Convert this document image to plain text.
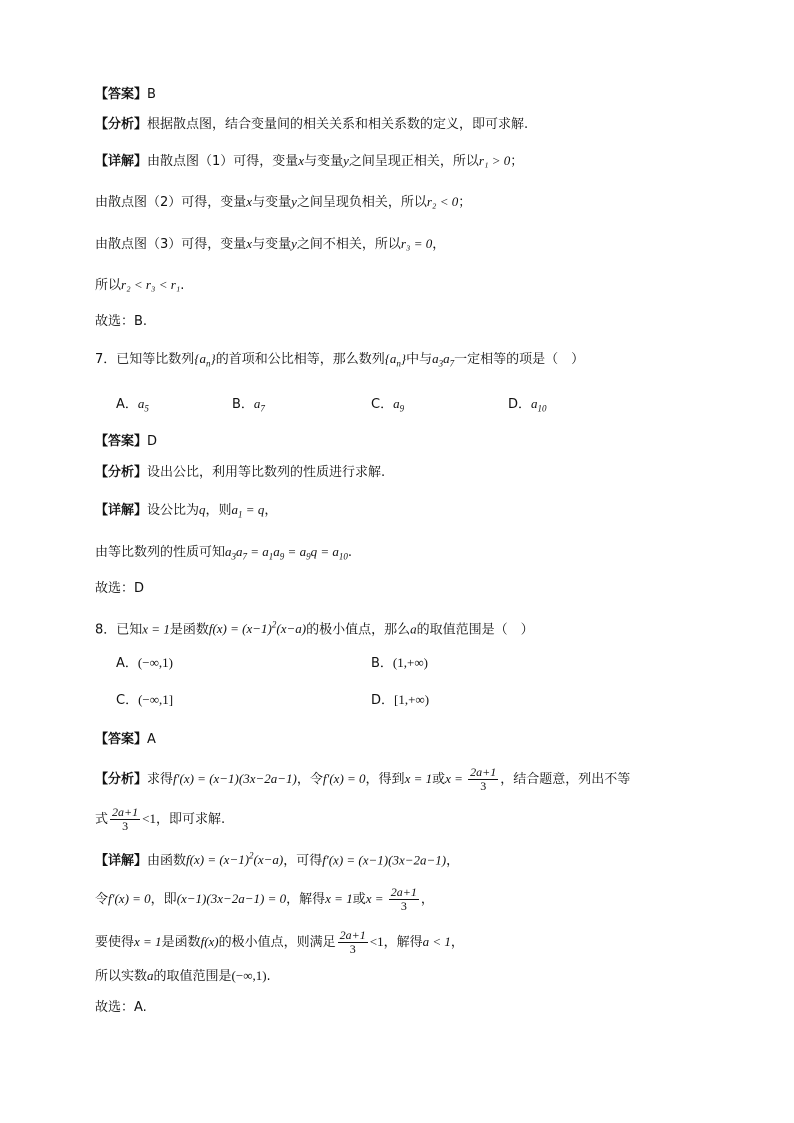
【答案】B
【分析】根据散点图，结合变量间的相关关系和相关系数的定义，即可求解.
【详解】由散点图（1）可得，变量x与变量y之间呈现正相关，所以r₁ > 0；
由散点图（2）可得，变量x与变量y之间呈现负相关，所以r₂ < 0；
由散点图（3）可得，变量x与变量y之间不相关，所以r₃ = 0，
所以r₂ < r₃ < r₁.
故选：B.
7．已知等比数列$\{a_n\}$的首项和公比相等，那么数列$\{a_n\}$中与$a_3a_7$一定相等的项是（　）
A．$a_5$	B．$a_7$	C．$a_9$	D．$a_{10}$
【答案】D
【分析】设出公比，利用等比数列的性质进行求解.
【详解】设公比为q，则$a_1 = q$，
由等比数列的性质可知$a_3a_7 = a_1a_9 = a_9q = a_{10}$.
故选：D
8．已知x = 1是函数$f(x) = (x-1)^2(x-a)$的极小值点，那么a的取值范围是（　）
A．(−∞,1)	B．(1,+∞)
C．(−∞,1]	D．[1,+∞)
【答案】A
【分析】求得f′(x) = (x−1)(3x−2a−1)，令f′(x) = 0，得到x = 1或$x = \frac{2a+1}{3}$ ，结合题意，列出不等
式 $\frac{2a+1}{3} <1$，即可求解.
【详解】由函数$f(x) = (x-1)^2(x-a)$，可得f′(x) = (x−1)(3x−2a−1)，
令f′(x) = 0，即(x−1)(3x−2a−1) = 0，解得x = 1或$x = \frac{2a+1}{3}$ ，
要使得x = 1是函数f(x)的极小值点，则满足 $\frac{2a+1}{3} <1$，解得a < 1，
所以实数a的取值范围是(−∞,1).
故选：A.
